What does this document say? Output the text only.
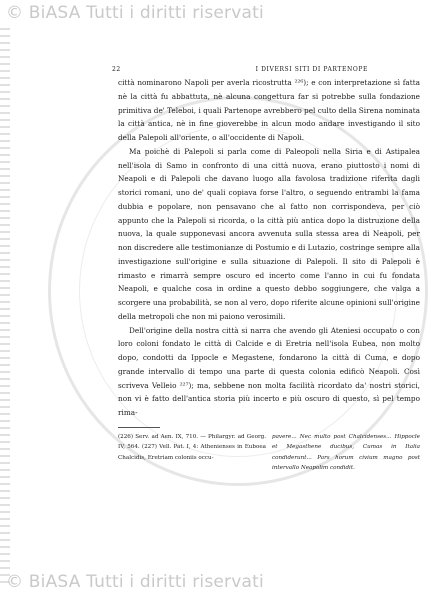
© BiASA Tutti i diritti riservati
22	I DIVERSI SITI DI PARTENOPE

città nominarono Napoli per averla ricostrutta ²²⁶); e con interpretazione sì fatta nè la città fu abbattuta, nè alcuna congettura far si potrebbe sulla fondazione primitiva de' Teleboi, i quali Partenope avrebbero pel culto della Sirena nominata la città antica, nè in fine gioverebbe in alcun modo andare investigando il sito della Palepoli all'oriente, o all'occidente di Napoli.

Ma poichè di Palepoli si parla come di Paleopoli nella Siria e di Astipalea nell'isola di Samo in confronto di una città nuova, erano piuttosto i nomi di Neapoli e di Palepoli che davano luogo alla favolosa tradizione riferita dagli storici romani, uno de' quali copiava forse l'altro, o seguendo entrambi la fama dubbia e popolare, non pensavano che al fatto non corrispondeva, per ciò appunto che la Palepoli si ricorda, o la città più antica dopo la distruzione della nuova, la quale supponevasi ancora avvenuta sulla stessa area di Neapoli, per non discredere alle testimonianze di Postumio e di Lutazio, costringe sempre alla investigazione sull'origine e sulla situazione di Palepoli. Il sito di Palepoli è rimasto e rimarrà sempre oscuro ed incerto come l'anno in cui fu fondata Neapoli, e qualche cosa in ordine a questo debbo soggiungere, che valga a scorgere una probabilità, se non al vero, dopo riferite alcune opinioni sull'origine della metropoli che non mi paiono verosimili.

Dell'origine della nostra città si narra che avendo gli Ateniesi occupato o con loro coloni fondato le città di Calcide e di Eretria nell'isola Eubea, non molto dopo, condotti da Ippocle e Megastene, fondarono la città di Cuma, e dopo grande intervallo di tempo una parte di questa colonia edificò Neapoli. Così scriveva Velleio ²²⁷); ma, sebbene non molta facilità ricordato da' nostri storici, non vi è fatto dell'antica storia più incerto e più oscuro di questo, sì pel tempo rima-

(226) Serv. ad Aen. IX, 710. — Philargyr. ad Georg. IV, 564. (227) Vell. Pat. I, 4: Athenienses in Euboea Chalcidis, Eretriam coloniis occu-
pavere... Nec multo post Chalcidenses... Hippocle et Megasthene ducibus, Cumas in Italia condiderunt... Pars horum civium magno post intervallo Neapolim condidit.
© BiASA Tutti i diritti riservati
